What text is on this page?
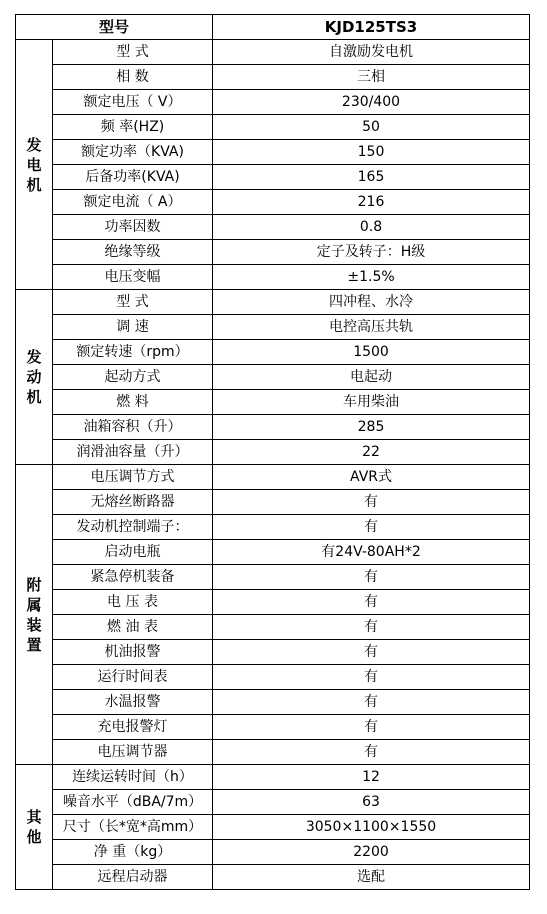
型号		KJD125TS3
发电机	型 式	自激励发电机
	相 数	三相
	额定电压（ V）	230/400
	频 率(HZ)	50
	额定功率（KVA)	150
	后备功率(KVA)	165
	额定电流（ A）	216
	功率因数	0.8
	绝缘等级	定子及转子：H级
	电压变幅	±1.5%
发动机	型 式	四冲程、水冷
	调 速	电控高压共轨
	额定转速（rpm）	1500
	起动方式	电起动
	燃 料	车用柴油
	油箱容积（升）	285
	润滑油容量（升）	22
附属装置	电压调节方式	AVR式
	无熔丝断路器	有
	发动机控制端子：	有
	启动电瓶	有24V-80AH*2
	紧急停机装备	有
	电 压 表	有
	燃 油 表	有
	机油报警	有
	运行时间表	有
	水温报警	有
	充电报警灯	有
	电压调节器	有
其他	连续运转时间（h）	12
	噪音水平（dBA/7m）	63
	尺寸（长*宽*高mm）	3050×1100×1550
	净 重（kg）	2200
	远程启动器	选配
